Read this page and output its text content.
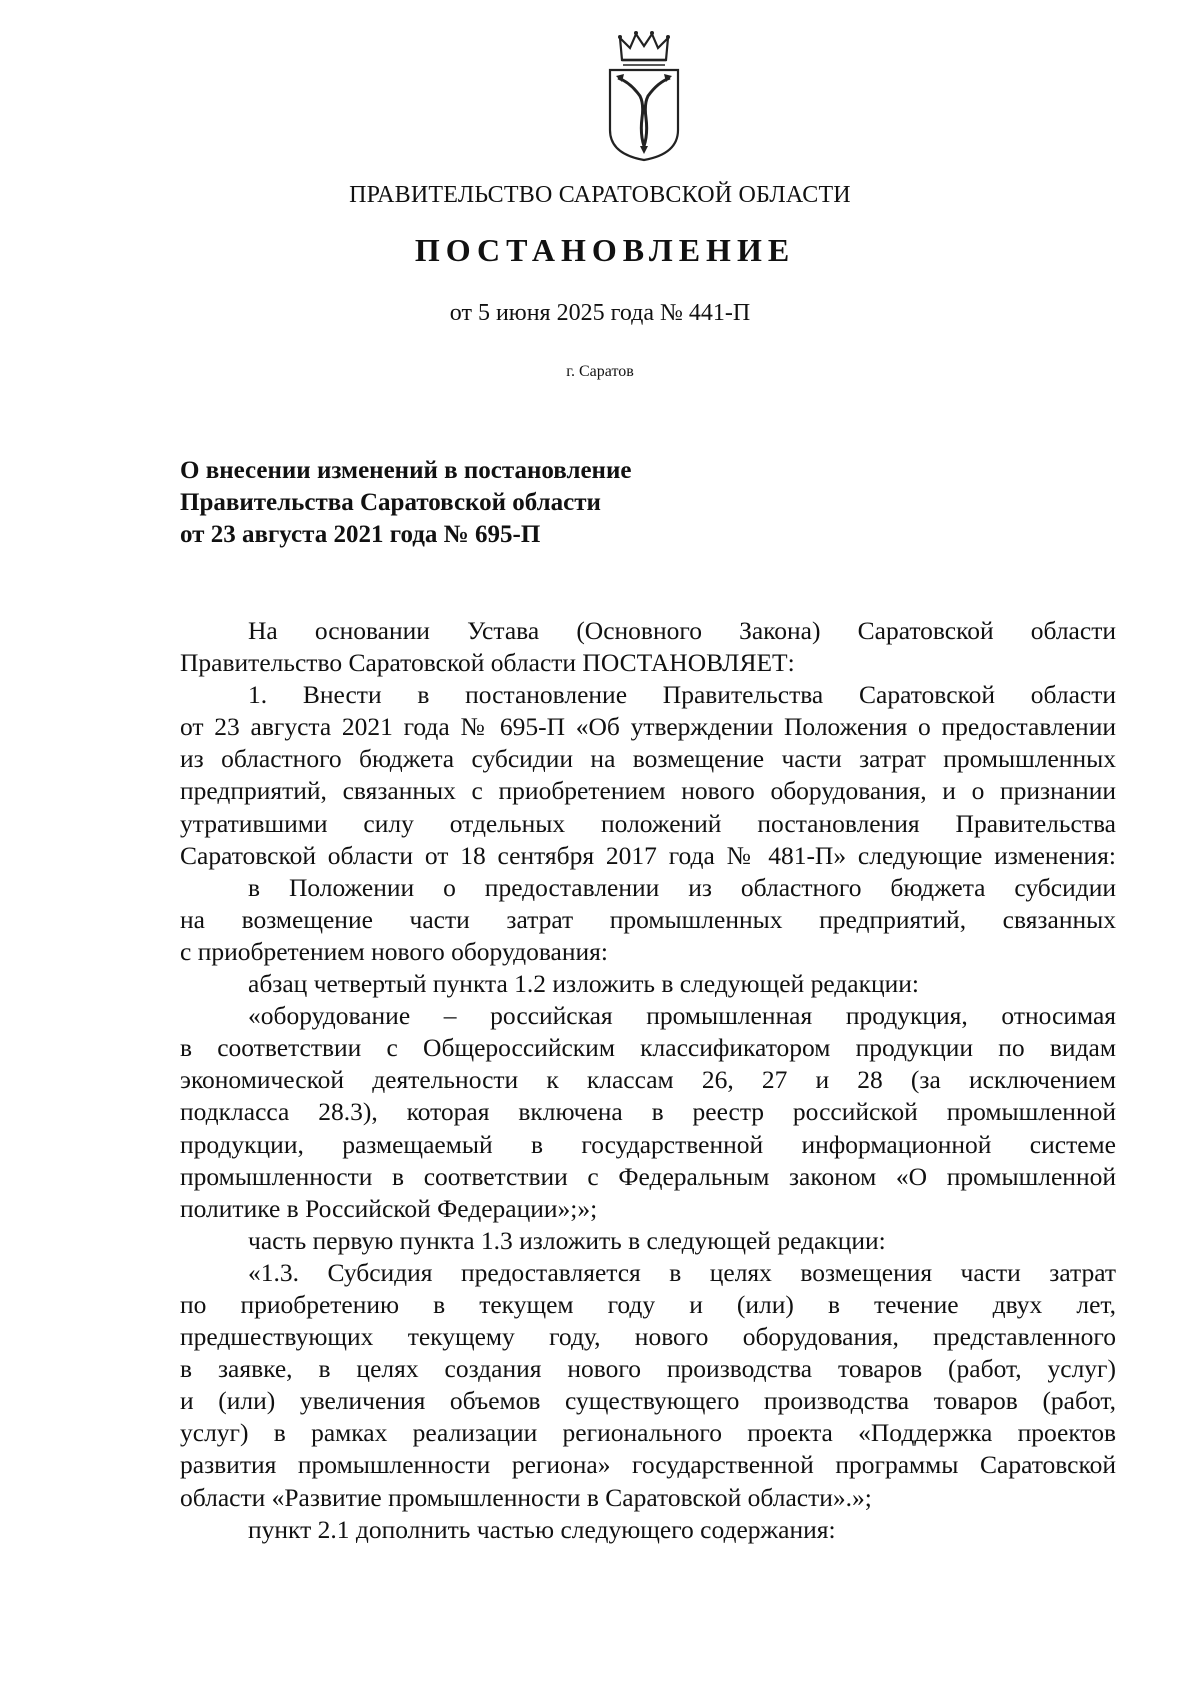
ПРАВИТЕЛЬСТВО САРАТОВСКОЙ ОБЛАСТИ
ПОСТАНОВЛЕНИЕ
от 5 июня 2025 года № 441-П
г. Саратов
О внесении изменений в постановление
Правительства Саратовской области
от 23 августа 2021 года № 695-П
На основании Устава (Основного Закона) Саратовской области
Правительство Саратовской области ПОСТАНОВЛЯЕТ:
1. Внести в постановление Правительства Саратовской области
от 23 августа 2021 года № 695-П «Об утверждении Положения о предоставлении
из областного бюджета субсидии на возмещение части затрат промышленных
предприятий, связанных с приобретением нового оборудования, и о признании
утратившими силу отдельных положений постановления Правительства
Саратовской области от 18 сентября 2017 года № 481-П» следующие изменения:
в Положении о предоставлении из областного бюджета субсидии
на возмещение части затрат промышленных предприятий, связанных
с приобретением нового оборудования:
абзац четвертый пункта 1.2 изложить в следующей редакции:
«оборудование – российская промышленная продукция, относимая
в соответствии с Общероссийским классификатором продукции по видам
экономической деятельности к классам 26, 27 и 28 (за исключением
подкласса 28.3), которая включена в реестр российской промышленной
продукции, размещаемый в государственной информационной системе
промышленности в соответствии с Федеральным законом «О промышленной
политике в Российской Федерации»;»;
часть первую пункта 1.3 изложить в следующей редакции:
«1.3. Субсидия предоставляется в целях возмещения части затрат
по приобретению в текущем году и (или) в течение двух лет,
предшествующих текущему году, нового оборудования, представленного
в заявке, в целях создания нового производства товаров (работ, услуг)
и (или) увеличения объемов существующего производства товаров (работ,
услуг) в рамках реализации регионального проекта «Поддержка проектов
развития промышленности региона» государственной программы Саратовской
области «Развитие промышленности в Саратовской области».»;
пункт 2.1 дополнить частью следующего содержания:
